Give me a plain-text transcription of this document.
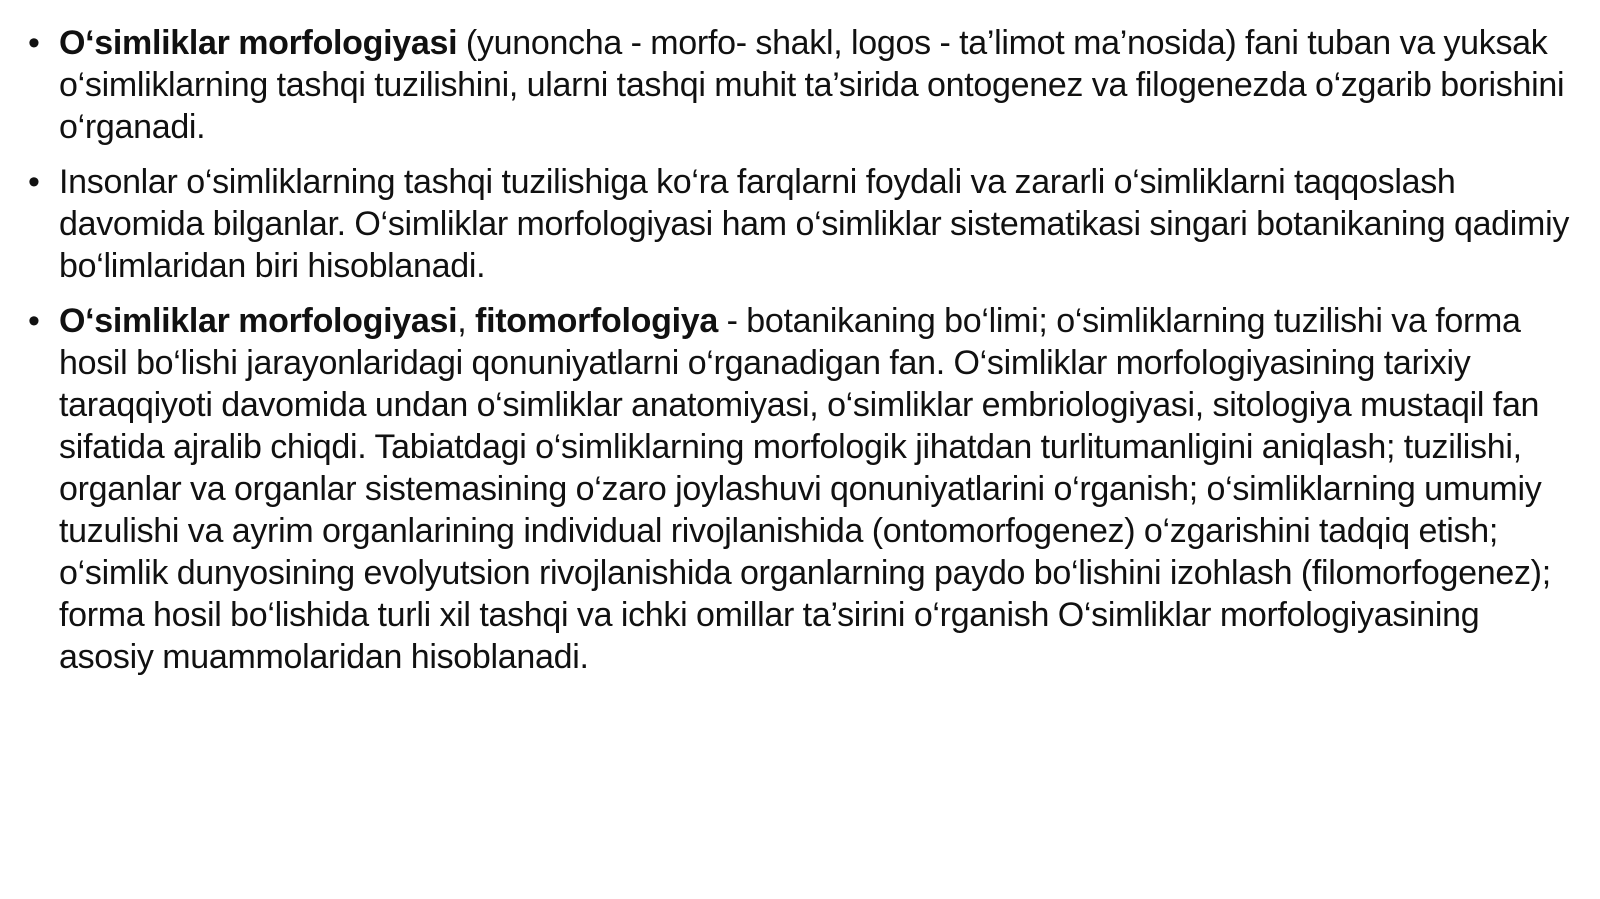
• O‘simliklar morfologiyasi (yunoncha - morfo- shakl, logos - ta’limot ma’nosida) fani tuban va yuksak o‘simliklarning tashqi tuzilishini, ularni tashqi muhit ta’sirida ontogenez va filogenezda o‘zgarib borishini o‘rganadi.
• Insonlar o‘simliklarning tashqi tuzilishiga ko‘ra farqlarni foydali va zararli o‘simliklarni taqqoslash davomida bilganlar. O‘simliklar morfologiyasi ham o‘simliklar sistematikasi singari botanikaning qadimiy bo‘limlaridan biri hisoblanadi.
• O‘simliklar morfologiyasi, fitomorfologiya - botanikaning bo‘limi; o‘simliklarning tuzilishi va forma hosil bo‘lishi jarayonlaridagi qonuniyatlarni o‘rganadigan fan. O‘simliklar morfologiyasining tarixiy taraqqiyoti davomida undan o‘simliklar anatomiyasi, o‘simliklar embriologiyasi, sitologiya mustaqil fan sifatida ajralib chiqdi. Tabiatdagi o‘simliklarning morfologik jihatdan turlitumanligini aniqlash; tuzilishi, organlar va organlar sistemasining o‘zaro joylashuvi qonuniyatlarini o‘rganish; o‘simliklarning umumiy tuzulishi va ayrim organlarining individual rivojlanishida (ontomorfogenez) o‘zgarishini tadqiq etish; o‘simlik dunyosining evolyutsion rivojlanishida organlarning paydo bo‘lishini izohlash (filomorfogenez); forma hosil bo‘lishida turli xil tashqi va ichki omillar ta’sirini o‘rganish O‘simliklar morfologiyasining asosiy muammolaridan hisoblanadi.
